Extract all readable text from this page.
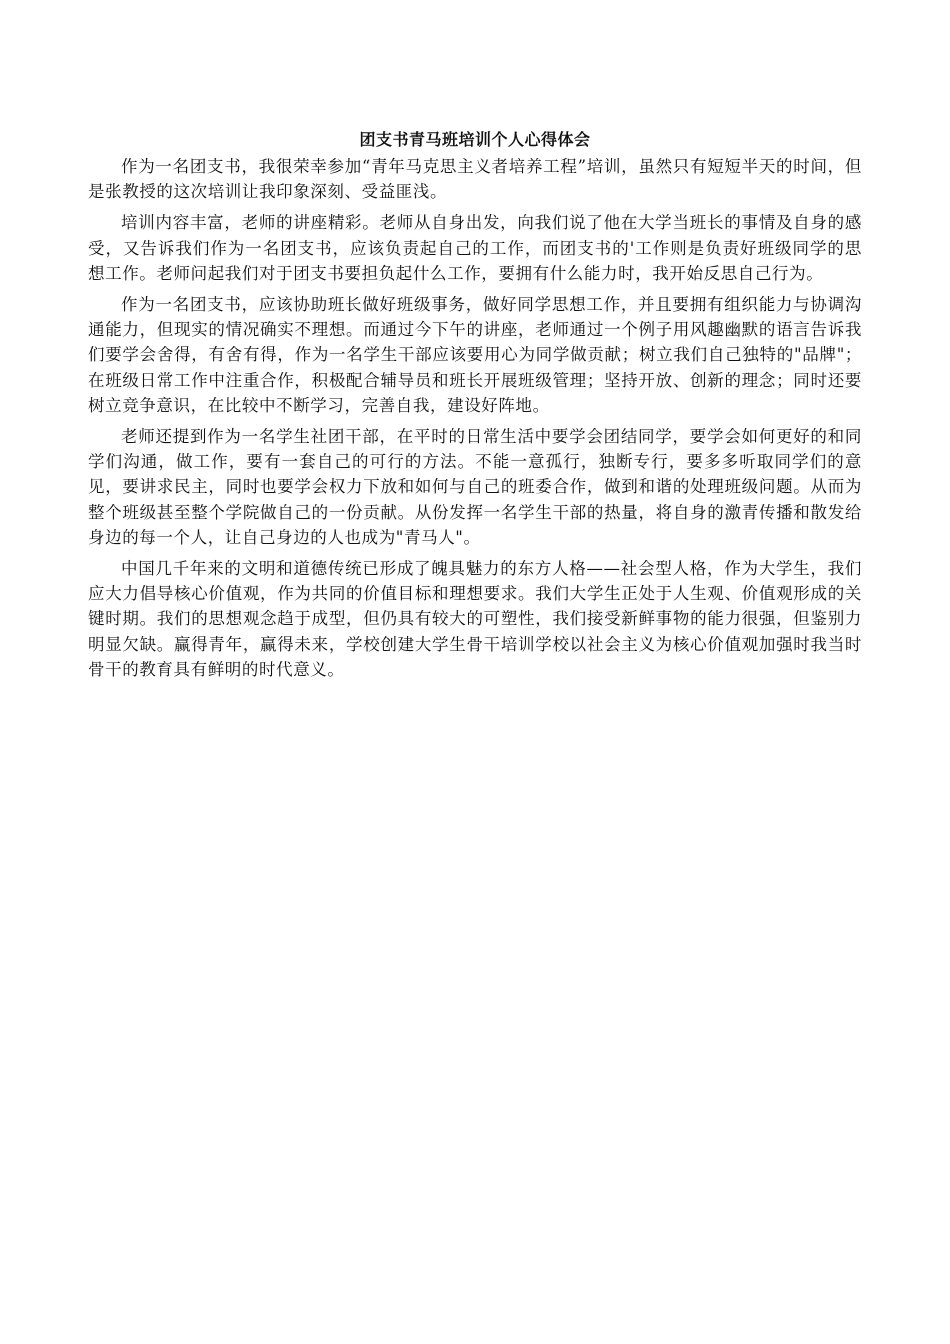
团支书青马班培训个人心得体会

作为一名团支书，我很荣幸参加“青年马克思主义者培养工程”培训，虽然只有短短半天的时间，但是张教授的这次培训让我印象深刻、受益匪浅。

培训内容丰富，老师的讲座精彩。老师从自身出发，向我们说了他在大学当班长的事情及自身的感受，又告诉我们作为一名团支书，应该负责起自己的工作，而团支书的'工作则是负责好班级同学的思想工作。老师问起我们对于团支书要担负起什么工作，要拥有什么能力时，我开始反思自己行为。

作为一名团支书，应该协助班长做好班级事务，做好同学思想工作，并且要拥有组织能力与协调沟通能力，但现实的情况确实不理想。而通过今下午的讲座，老师通过一个例子用风趣幽默的语言告诉我们要学会舍得，有舍有得，作为一名学生干部应该要用心为同学做贡献；树立我们自己独特的"品牌"；在班级日常工作中注重合作，积极配合辅导员和班长开展班级管理；坚持开放、创新的理念；同时还要树立竞争意识，在比较中不断学习，完善自我，建设好阵地。

老师还提到作为一名学生社团干部，在平时的日常生活中要学会团结同学，要学会如何更好的和同学们沟通，做工作，要有一套自己的可行的方法。不能一意孤行，独断专行，要多多听取同学们的意见，要讲求民主，同时也要学会权力下放和如何与自己的班委合作，做到和谐的处理班级问题。从而为整个班级甚至整个学院做自己的一份贡献。从份发挥一名学生干部的热量，将自身的激青传播和散发给身边的每一个人，让自己身边的人也成为"青马人"。

中国几千年来的文明和道德传统已形成了魄具魅力的东方人格——社会型人格，作为大学生，我们应大力倡导核心价值观，作为共同的价值目标和理想要求。我们大学生正处于人生观、价值观形成的关键时期。我们的思想观念趋于成型，但仍具有较大的可塑性，我们接受新鲜事物的能力很强，但鉴别力明显欠缺。赢得青年，赢得未来，学校创建大学生骨干培训学校以社会主义为核心价值观加强时我当时骨干的教育具有鲜明的时代意义。
